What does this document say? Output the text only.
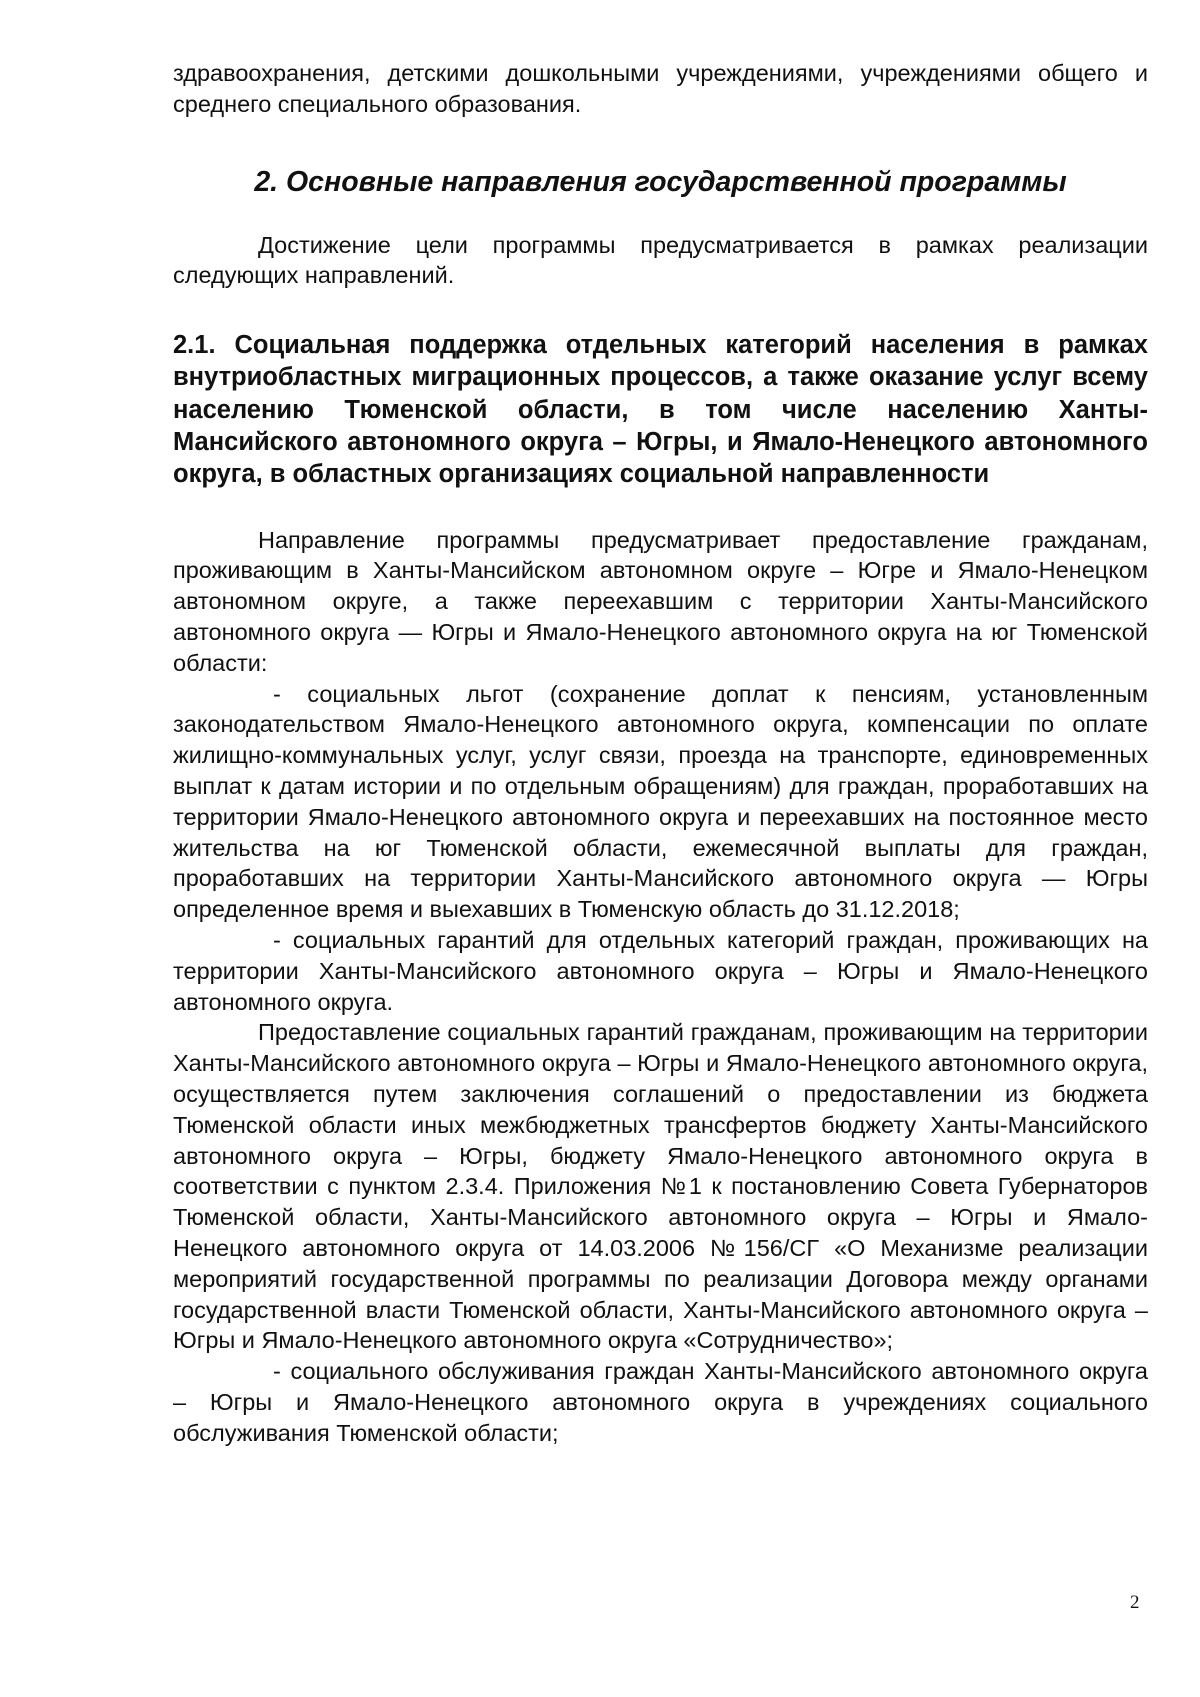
здравоохранения, детскими дошкольными учреждениями, учреждениями общего и среднего специального образования.

2. Основные направления государственной программы

Достижение цели программы предусматривается в рамках реализации следующих направлений.

2.1. Социальная поддержка отдельных категорий населения в рамках внутриобластных миграционных процессов, а также оказание услуг всему населению Тюменской области, в том числе населению Ханты-Мансийского автономного округа – Югры, и Ямало-Ненецкого автономного округа, в областных организациях социальной направленности

Направление программы предусматривает предоставление гражданам, проживающим в Ханты-Мансийском автономном округе – Югре и Ямало-Ненецком автономном округе, а также переехавшим с территории Ханты-Мансийского автономного округа — Югры и Ямало-Ненецкого автономного округа на юг Тюменской области:

- социальных льгот (сохранение доплат к пенсиям, установленным законодательством Ямало-Ненецкого автономного округа, компенсации по оплате жилищно-коммунальных услуг, услуг связи, проезда на транспорте, единовременных выплат к датам истории и по отдельным обращениям) для граждан, проработавших на территории Ямало-Ненецкого автономного округа и переехавших на постоянное место жительства на юг Тюменской области, ежемесячной выплаты для граждан, проработавших на территории Ханты-Мансийского автономного округа — Югры определенное время и выехавших в Тюменскую область до 31.12.2018;

- социальных гарантий для отдельных категорий граждан, проживающих на территории Ханты-Мансийского автономного округа – Югры и Ямало-Ненецкого автономного округа.

Предоставление социальных гарантий гражданам, проживающим на территории Ханты-Мансийского автономного округа – Югры и Ямало-Ненецкого автономного округа, осуществляется путем заключения соглашений о предоставлении из бюджета Тюменской области иных межбюджетных трансфертов бюджету Ханты-Мансийского автономного округа – Югры, бюджету Ямало-Ненецкого автономного округа в соответствии с пунктом 2.3.4. Приложения №1 к постановлению Совета Губернаторов Тюменской области, Ханты-Мансийского автономного округа – Югры и Ямало-Ненецкого автономного округа от 14.03.2006 №156/СГ «О Механизме реализации мероприятий государственной программы по реализации Договора между органами государственной власти Тюменской области, Ханты-Мансийского автономного округа – Югры и Ямало-Ненецкого автономного округа «Сотрудничество»;

- социального обслуживания граждан Ханты-Мансийского автономного округа – Югры и Ямало-Ненецкого автономного округа в учреждениях социального обслуживания Тюменской области;

2
